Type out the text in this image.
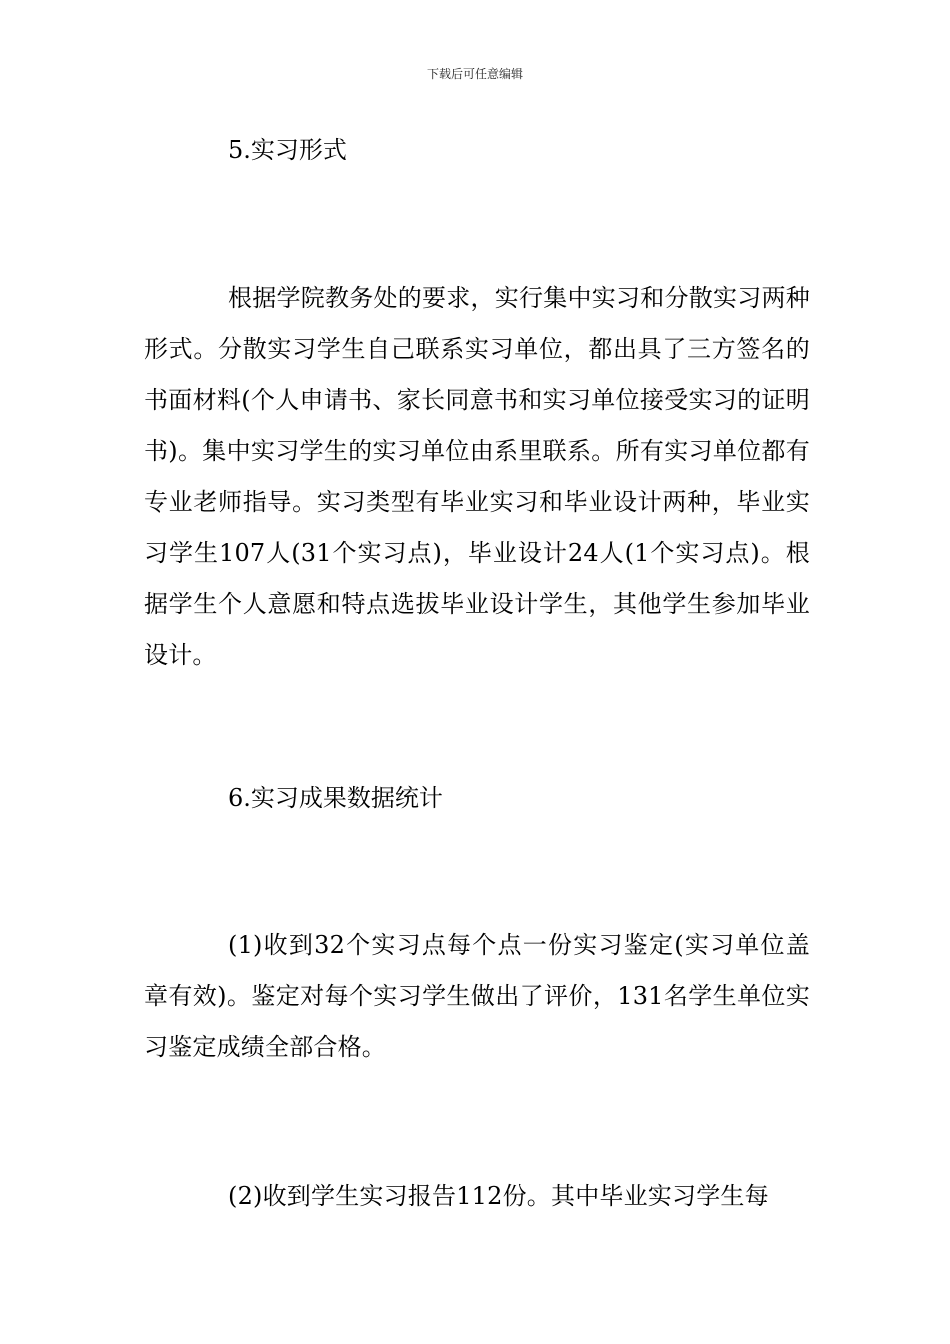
下载后可任意编辑
5.实习形式
根据学院教务处的要求，实行集中实习和分散实习两种形式。分散实习学生自己联系实习单位，都出具了三方签名的书面材料(个人申请书、家长同意书和实习单位接受实习的证明书)。集中实习学生的实习单位由系里联系。所有实习单位都有专业老师指导。实习类型有毕业实习和毕业设计两种，毕业实习学生107人(31个实习点)，毕业设计24人(1个实习点)。根据学生个人意愿和特点选拔毕业设计学生，其他学生参加毕业设计。
6.实习成果数据统计
(1)收到32个实习点每个点一份实习鉴定(实习单位盖章有效)。鉴定对每个实习学生做出了评价，131名学生单位实习鉴定成绩全部合格。
(2)收到学生实习报告112份。其中毕业实习学生每
